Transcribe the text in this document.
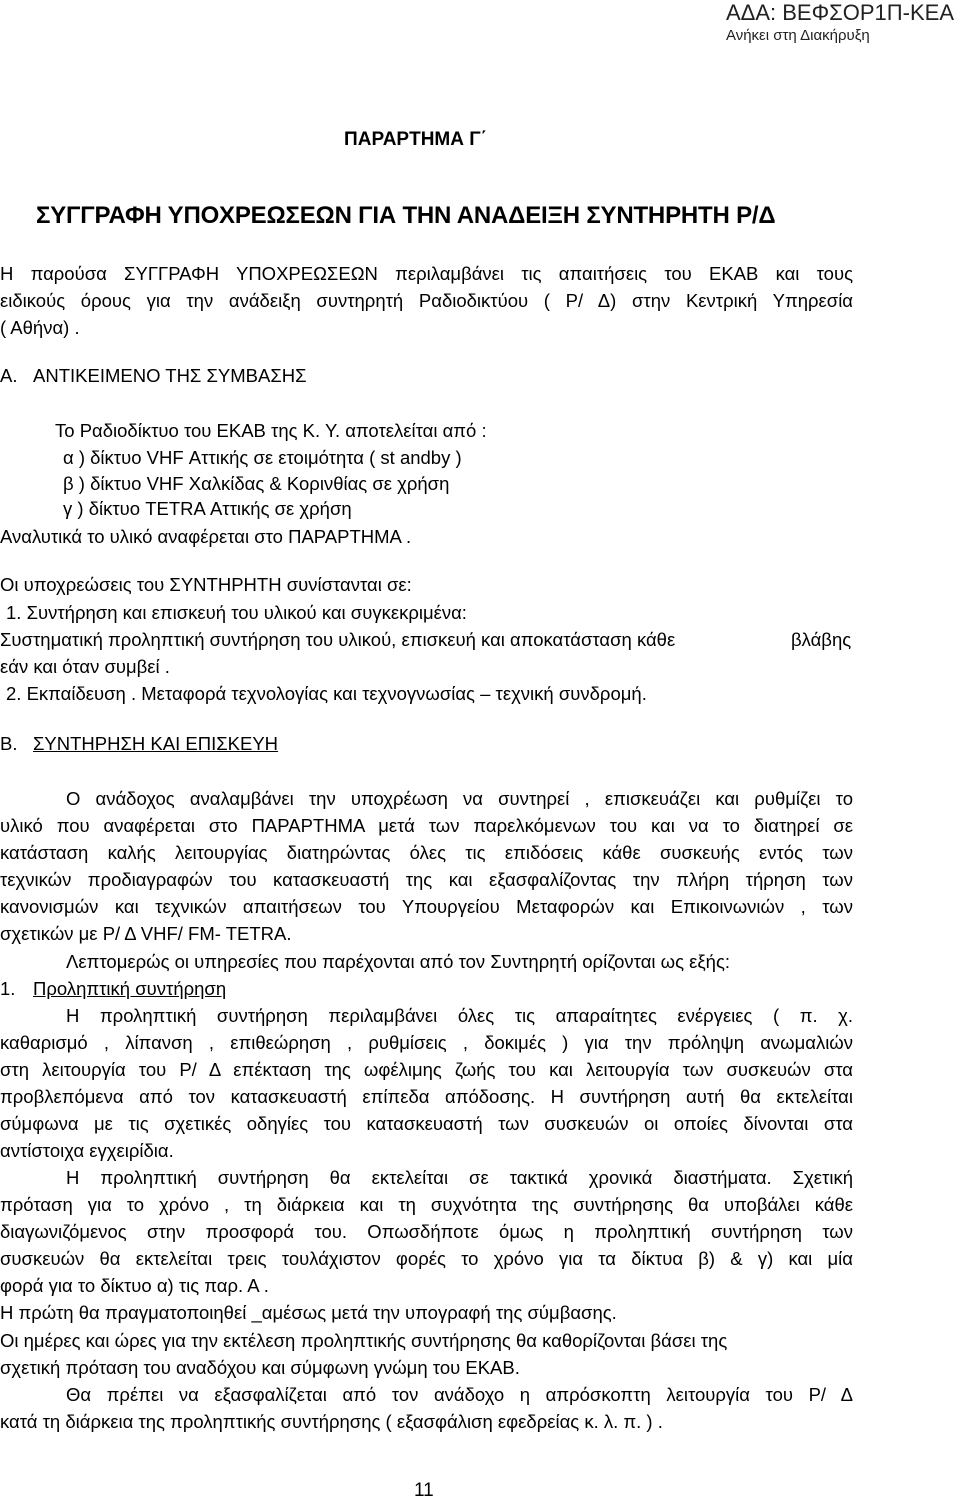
ΑΔΑ: ΒΕΦΣΟΡ1Π-ΚΕΑ
Ανήκει στη Διακήρυξη
ΠΑΡΑΡΤΗΜΑ Γ΄
ΣΥΓΓΡΑΦΗ ΥΠΟΧΡΕΩΣΕΩΝ ΓΙΑ ΤΗΝ ΑΝΑΔΕΙΞΗ ΣΥΝΤΗΡΗΤΗ Ρ/Δ
Η παρούσα ΣΥΓΓΡΑΦΗ ΥΠΟΧΡΕΩΣΕΩΝ περιλαμβάνει τις απαιτήσεις του ΕΚΑΒ και τους
ειδικούς όρους για την ανάδειξη συντηρητή Ραδιοδικτύου ( Ρ/ Δ) στην Κεντρική Υπηρεσία
( Αθήνα) .
Α. ΑΝΤΙΚΕΙΜΕΝΟ ΤΗΣ ΣΥΜΒΑΣΗΣ
Το Ραδιοδίκτυο του ΕΚΑΒ της Κ. Υ. αποτελείται από :
α ) δίκτυο VHF Αττικής σε ετοιμότητα ( st andby )
β ) δίκτυο VHF Χαλκίδας & Κορινθίας σε χρήση
γ ) δίκτυο TETRA Αττικής σε χρήση
Αναλυτικά το υλικό αναφέρεται στο ΠΑΡΑΡΤΗΜΑ .
Οι υποχρεώσεις του ΣΥΝΤΗΡΗΤΗ συνίστανται σε:
1. Συντήρηση και επισκευή του υλικού και συγκεκριμένα:
Συστηματική προληπτική συντήρηση του υλικού, επισκευή και αποκατάσταση κάθε	βλάβης
εάν και όταν συμβεί .
2. Εκπαίδευση . Μεταφορά τεχνολογίας και τεχνογνωσίας – τεχνική συνδρομή.
Β. ΣΥΝΤΗΡΗΣΗ ΚΑΙ ΕΠΙΣΚΕΥΗ
Ο ανάδοχος αναλαμβάνει την υποχρέωση να συντηρεί , επισκευάζει και ρυθμίζει το
υλικό που αναφέρεται στο ΠΑΡΑΡΤΗΜΑ μετά των παρελκόμενων του και να το διατηρεί σε
κατάσταση καλής λειτουργίας διατηρώντας όλες τις επιδόσεις κάθε συσκευής εντός των
τεχνικών προδιαγραφών του κατασκευαστή της και εξασφαλίζοντας την πλήρη τήρηση των
κανονισμών και τεχνικών απαιτήσεων του Υπουργείου Μεταφορών και Επικοινωνιών , των
σχετικών με Ρ/ Δ VHF/ FM- TETRA.
Λεπτομερώς οι υπηρεσίες που παρέχονται από τον Συντηρητή ορίζονται ως εξής:
1. Προληπτική συντήρηση
Η προληπτική συντήρηση περιλαμβάνει όλες τις απαραίτητες ενέργειες ( π. χ.
καθαρισμό , λίπανση , επιθεώρηση , ρυθμίσεις , δοκιμές ) για την πρόληψη ανωμαλιών
στη λειτουργία του Ρ/ Δ επέκταση της ωφέλιμης ζωής του και λειτουργία των συσκευών στα
προβλεπόμενα από τον κατασκευαστή επίπεδα απόδοσης. Η συντήρηση αυτή θα εκτελείται
σύμφωνα με τις σχετικές οδηγίες του κατασκευαστή των συσκευών οι οποίες δίνονται στα
αντίστοιχα εγχειρίδια.
Η προληπτική συντήρηση θα εκτελείται σε τακτικά χρονικά διαστήματα. Σχετική
πρόταση για το χρόνο , τη διάρκεια και τη συχνότητα της συντήρησης θα υποβάλει κάθε
διαγωνιζόμενος στην προσφορά του. Οπωσδήποτε όμως η προληπτική συντήρηση των
συσκευών θα εκτελείται τρεις τουλάχιστον φορές το χρόνο για τα δίκτυα β) & γ) και μία
φορά για το δίκτυο α) τις παρ. Α .
Η πρώτη θα πραγματοποιηθεί _αμέσως μετά την υπογραφή της σύμβασης.
Οι ημέρες και ώρες για την εκτέλεση προληπτικής συντήρησης θα καθορίζονται βάσει της
σχετική πρόταση του αναδόχου και σύμφωνη γνώμη του ΕΚΑΒ.
Θα πρέπει να εξασφαλίζεται από τον ανάδοχο η απρόσκοπτη λειτουργία του Ρ/ Δ
κατά τη διάρκεια της προληπτικής συντήρησης ( εξασφάλιση εφεδρείας κ. λ. π. ) .
11
